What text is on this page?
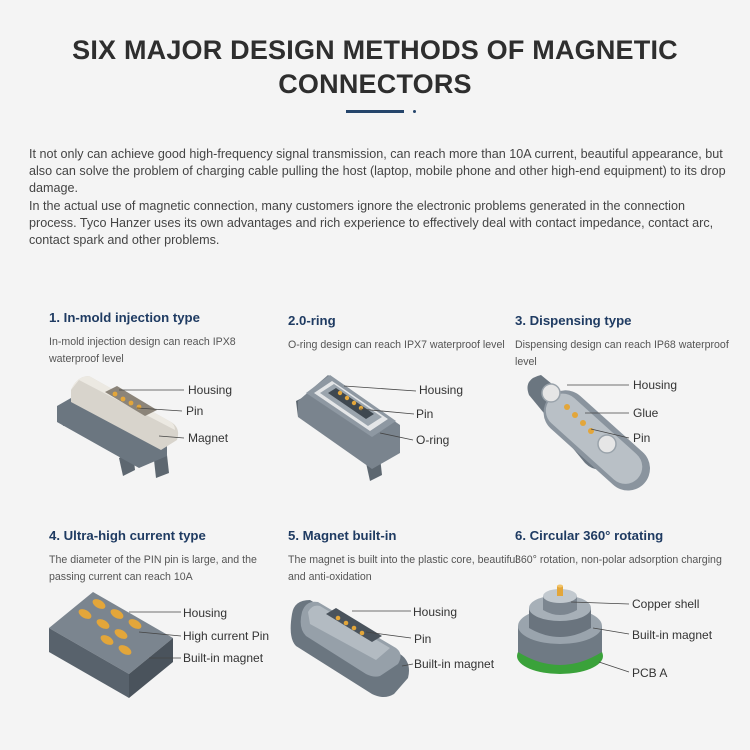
SIX MAJOR DESIGN METHODS OF MAGNETIC
CONNECTORS

It not only can achieve good high-frequency signal transmission, can reach more than 10A current, beautiful appearance, but also can solve the problem of charging cable pulling the host (laptop, mobile phone and other high-end equipment) to its drop damage.

In the actual use of magnetic connection, many customers ignore the electronic problems generated in the connection process. Tyco Hanzer uses its own advantages and rich experience to effectively deal with contact impedance, contact arc, contact spark and other problems.

1. In-mold injection type
In-mold injection design can reach IPX8 waterproof level
Housing
Pin
Magnet
2.0-ring
O-ring design can reach IPX7 waterproof level
Housing
Pin
O-ring
3. Dispensing type
Dispensing design can reach IP68 waterproof level
Housing
Glue
Pin
4. Ultra-high current type
The diameter of the PIN pin is large, and the passing current can reach 10A
Housing
High current Pin
Built-in magnet
5. Magnet built-in
The magnet is built into the plastic core, beautiful and anti-oxidation
Housing
Pin
Built-in magnet
6. Circular 360° rotating
360° rotation, non-polar adsorption charging
Copper shell
Built-in magnet
PCB A
